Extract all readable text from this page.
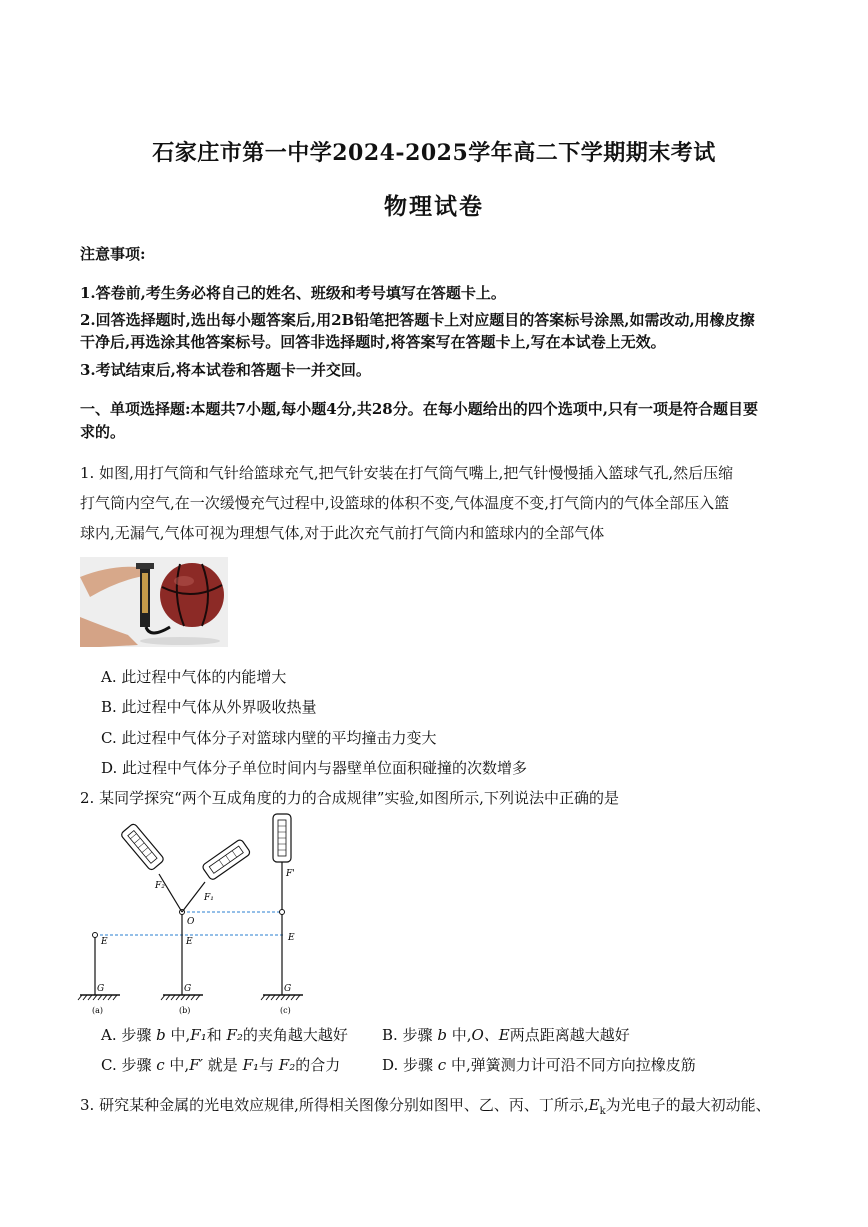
石家庄市第一中学2024-2025学年高二下学期期末考试
物理试卷
注意事项:
1.答卷前,考生务必将自己的姓名、班级和考号填写在答题卡上。
2.回答选择题时,选出每小题答案后,用2B铅笔把答题卡上对应题目的答案标号涂黑,如需改动,用橡皮擦
干净后,再选涂其他答案标号。回答非选择题时,将答案写在答题卡上,写在本试卷上无效。
3.考试结束后,将本试卷和答题卡一并交回。
一、单项选择题:本题共7小题,每小题4分,共28分。在每小题给出的四个选项中,只有一项是符合题目要
求的。
1. 如图,用打气筒和气针给篮球充气,把气针安装在打气筒气嘴上,把气针慢慢插入篮球气孔,然后压缩
打气筒内空气,在一次缓慢充气过程中,设篮球的体积不变,气体温度不变,打气筒内的气体全部压入篮
球内,无漏气,气体可视为理想气体,对于此次充气前打气筒内和篮球内的全部气体
A. 此过程中气体的内能增大
B. 此过程中气体从外界吸收热量
C. 此过程中气体分子对篮球内壁的平均撞击力变大
D. 此过程中气体分子单位时间内与器壁单位面积碰撞的次数增多
2. 某同学探究“两个互成角度的力的合成规律”实验,如图所示,下列说法中正确的是
E
G
(a)
O
E
G
F₂
F₁
(b)
F'
E
G
(c)
A. 步骤 b 中,F₁和 F₂的夹角越大越好 B. 步骤 b 中,O、E两点距离越大越好
C. 步骤 c 中,F′ 就是 F₁与 F₂的合力	D. 步骤 c 中,弹簧测力计可沿不同方向拉橡皮筋
3. 研究某种金属的光电效应规律,所得相关图像分别如图甲、乙、丙、丁所示$,E_k$为光电子的最大初动能、
